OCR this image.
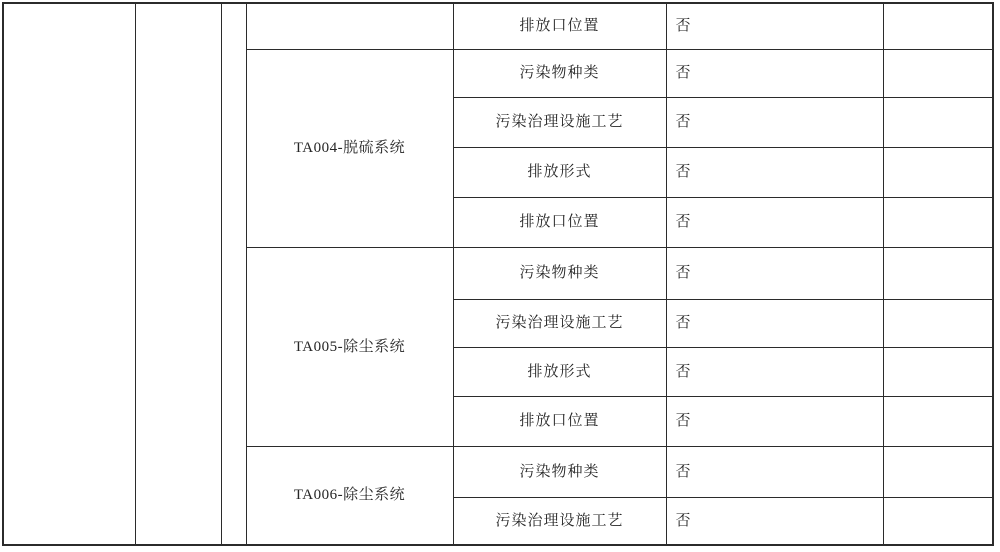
				排放口位置	否	
			TA004-脱硫系统	污染物种类	否	
				污染治理设施工艺	否	
				排放形式	否	
				排放口位置	否	
			TA005-除尘系统	污染物种类	否	
				污染治理设施工艺	否	
				排放形式	否	
				排放口位置	否	
			TA006-除尘系统	污染物种类	否	
				污染治理设施工艺	否	
